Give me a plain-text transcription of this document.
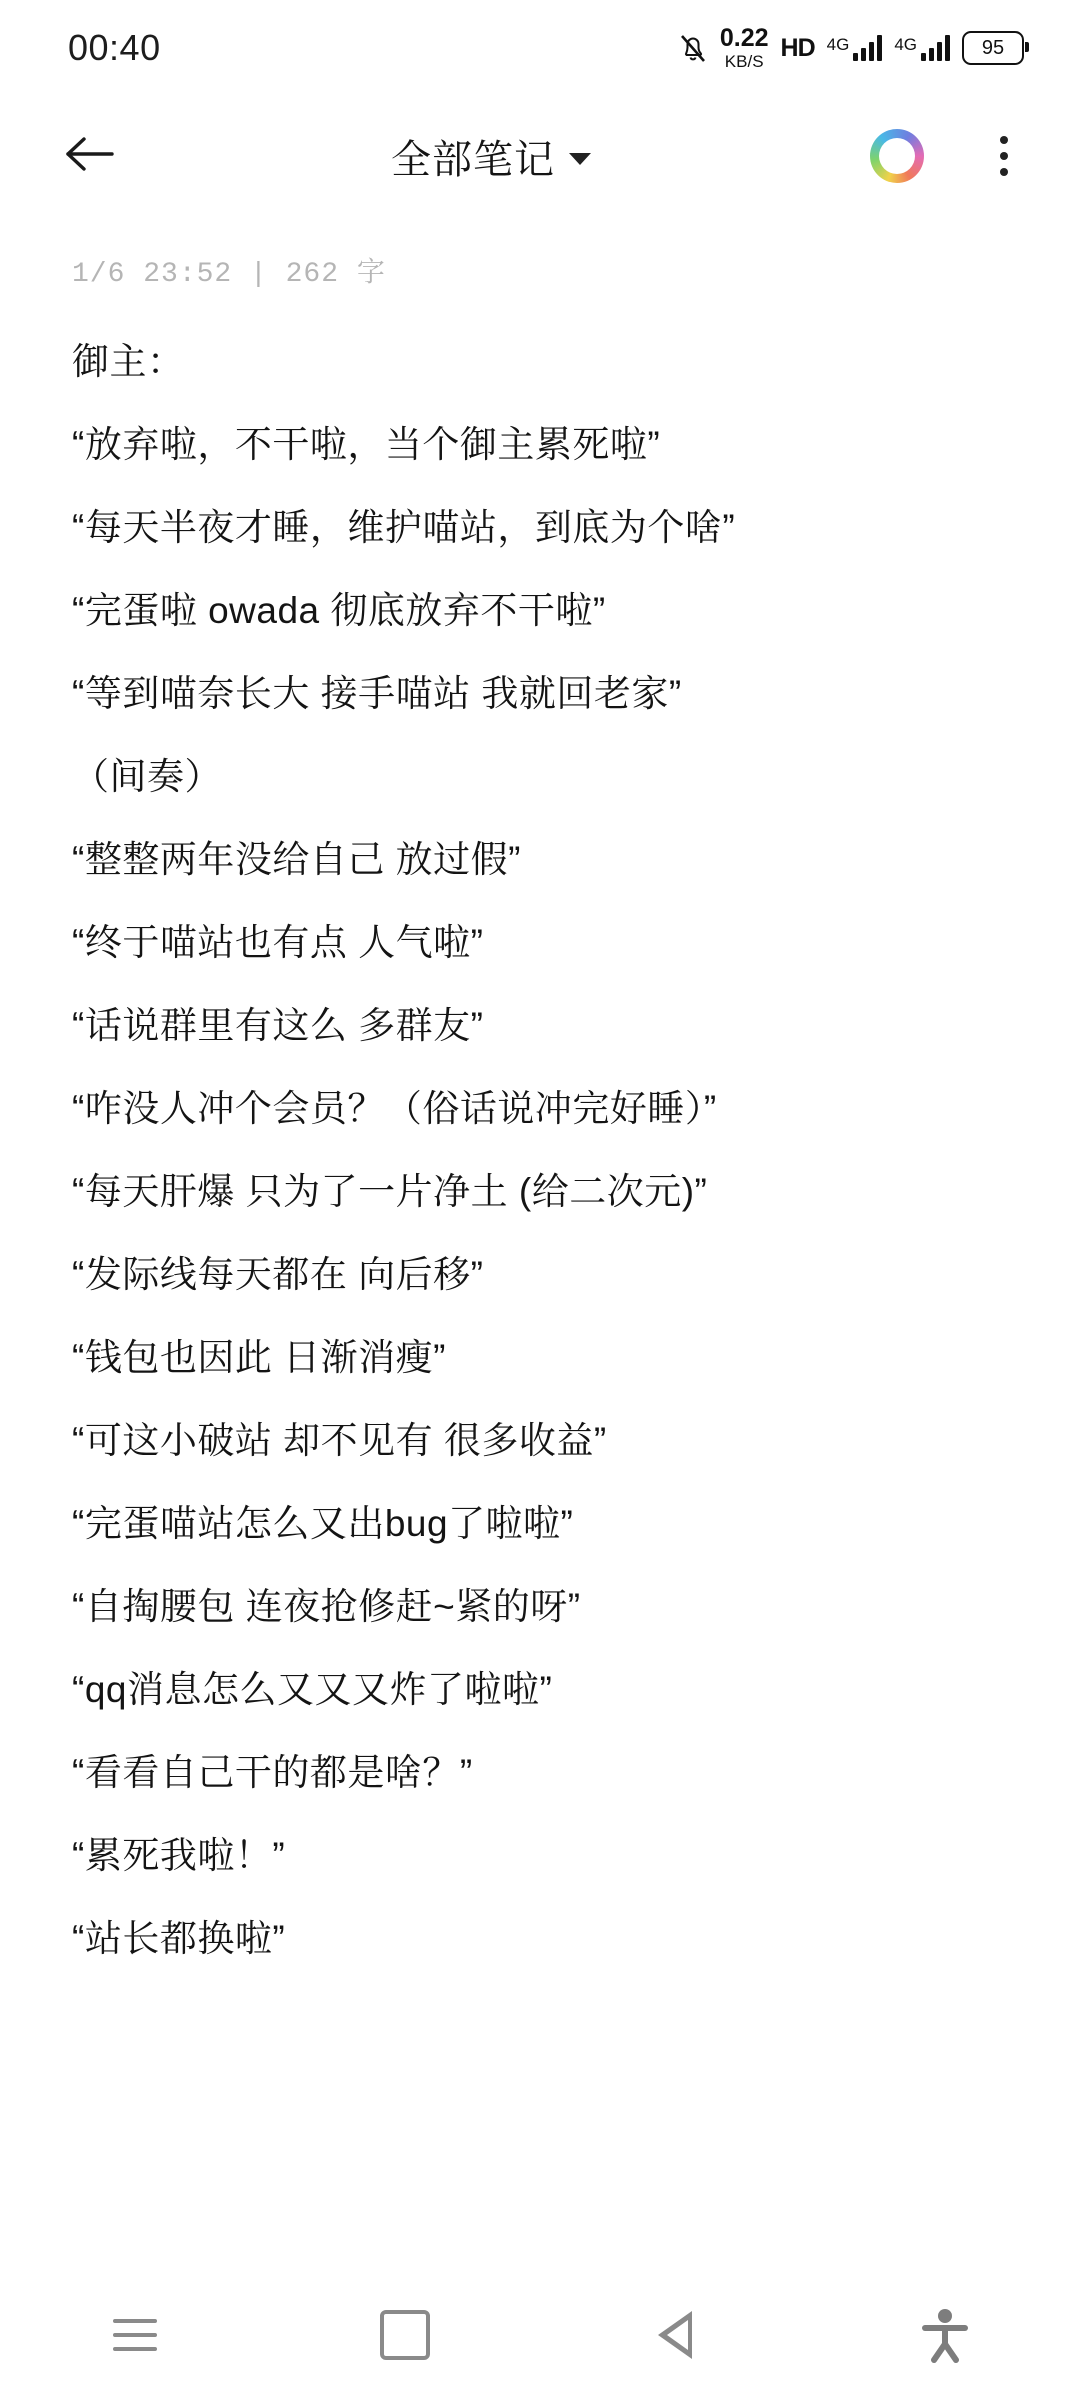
00:40	0.22
KB/S HD 4G	4G	95
全部笔记
1/6 23:52 | 262 字
御主：
“放弃啦，不干啦，当个御主累死啦”
“每天半夜才睡，维护喵站，到底为个啥”
“完蛋啦 owada 彻底放弃不干啦”
“等到喵奈长大 接手喵站 我就回老家”
（间奏）
“整整两年没给自己 放过假”
“终于喵站也有点 人气啦”
“话说群里有这么 多群友”
“咋没人冲个会员？（俗话说冲完好睡）”
“每天肝爆 只为了一片净土 (给二次元)”
“发际线每天都在 向后移”
“钱包也因此 日渐消瘦”
“可这小破站 却不见有 很多收益”
“完蛋喵站怎么又出bug了啦啦”
“自掏腰包 连夜抢修赶~紧的呀”
“qq消息怎么又又又炸了啦啦”
“看看自己干的都是啥？”
“累死我啦！”
“站长都换啦”
